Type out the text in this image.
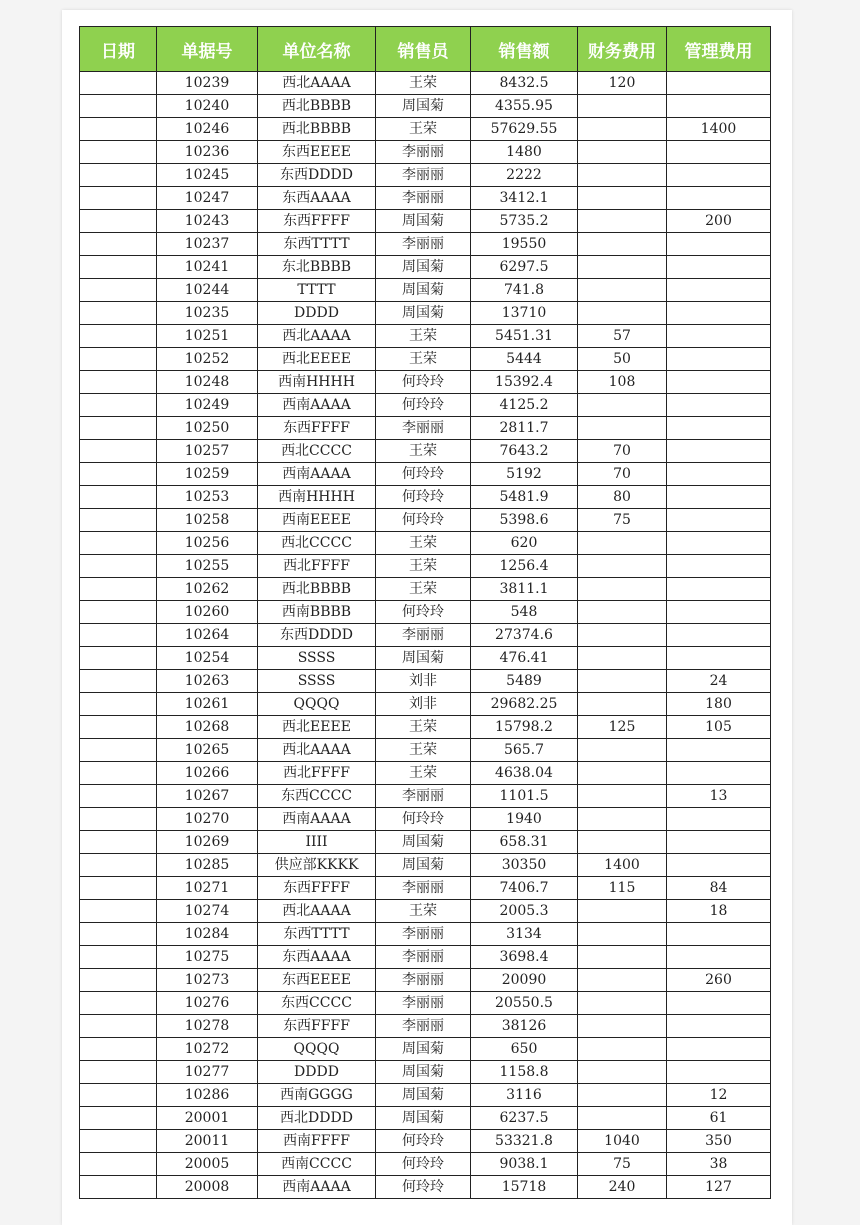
日期	单据号	单位名称	销售员	销售额	财务费用	管理费用
	10239	西北AAAA	王荣	8432.5	120	
	10240	西北BBBB	周国菊	4355.95		
	10246	西北BBBB	王荣	57629.55		1400
	10236	东西EEEE	李丽丽	1480		
	10245	东西DDDD	李丽丽	2222		
	10247	东西AAAA	李丽丽	3412.1		
	10243	东西FFFF	周国菊	5735.2		200
	10237	东西TTTT	李丽丽	19550		
	10241	东北BBBB	周国菊	6297.5		
	10244	TTTT	周国菊	741.8		
	10235	DDDD	周国菊	13710		
	10251	西北AAAA	王荣	5451.31	57	
	10252	西北EEEE	王荣	5444	50	
	10248	西南HHHH	何玲玲	15392.4	108	
	10249	西南AAAA	何玲玲	4125.2		
	10250	东西FFFF	李丽丽	2811.7		
	10257	西北CCCC	王荣	7643.2	70	
	10259	西南AAAA	何玲玲	5192	70	
	10253	西南HHHH	何玲玲	5481.9	80	
	10258	西南EEEE	何玲玲	5398.6	75	
	10256	西北CCCC	王荣	620		
	10255	西北FFFF	王荣	1256.4		
	10262	西北BBBB	王荣	3811.1		
	10260	西南BBBB	何玲玲	548		
	10264	东西DDDD	李丽丽	27374.6		
	10254	SSSS	周国菊	476.41		
	10263	SSSS	刘非	5489		24
	10261	QQQQ	刘非	29682.25		180
	10268	西北EEEE	王荣	15798.2	125	105
	10265	西北AAAA	王荣	565.7		
	10266	西北FFFF	王荣	4638.04		
	10267	东西CCCC	李丽丽	1101.5		13
	10270	西南AAAA	何玲玲	1940		
	10269	IIII	周国菊	658.31		
	10285	供应部KKKK	周国菊	30350	1400	
	10271	东西FFFF	李丽丽	7406.7	115	84
	10274	西北AAAA	王荣	2005.3		18
	10284	东西TTTT	李丽丽	3134		
	10275	东西AAAA	李丽丽	3698.4		
	10273	东西EEEE	李丽丽	20090		260
	10276	东西CCCC	李丽丽	20550.5		
	10278	东西FFFF	李丽丽	38126		
	10272	QQQQ	周国菊	650		
	10277	DDDD	周国菊	1158.8		
	10286	西南GGGG	周国菊	3116		12
	20001	西北DDDD	周国菊	6237.5		61
	20011	西南FFFF	何玲玲	53321.8	1040	350
	20005	西南CCCC	何玲玲	9038.1	75	38
	20008	西南AAAA	何玲玲	15718	240	127
